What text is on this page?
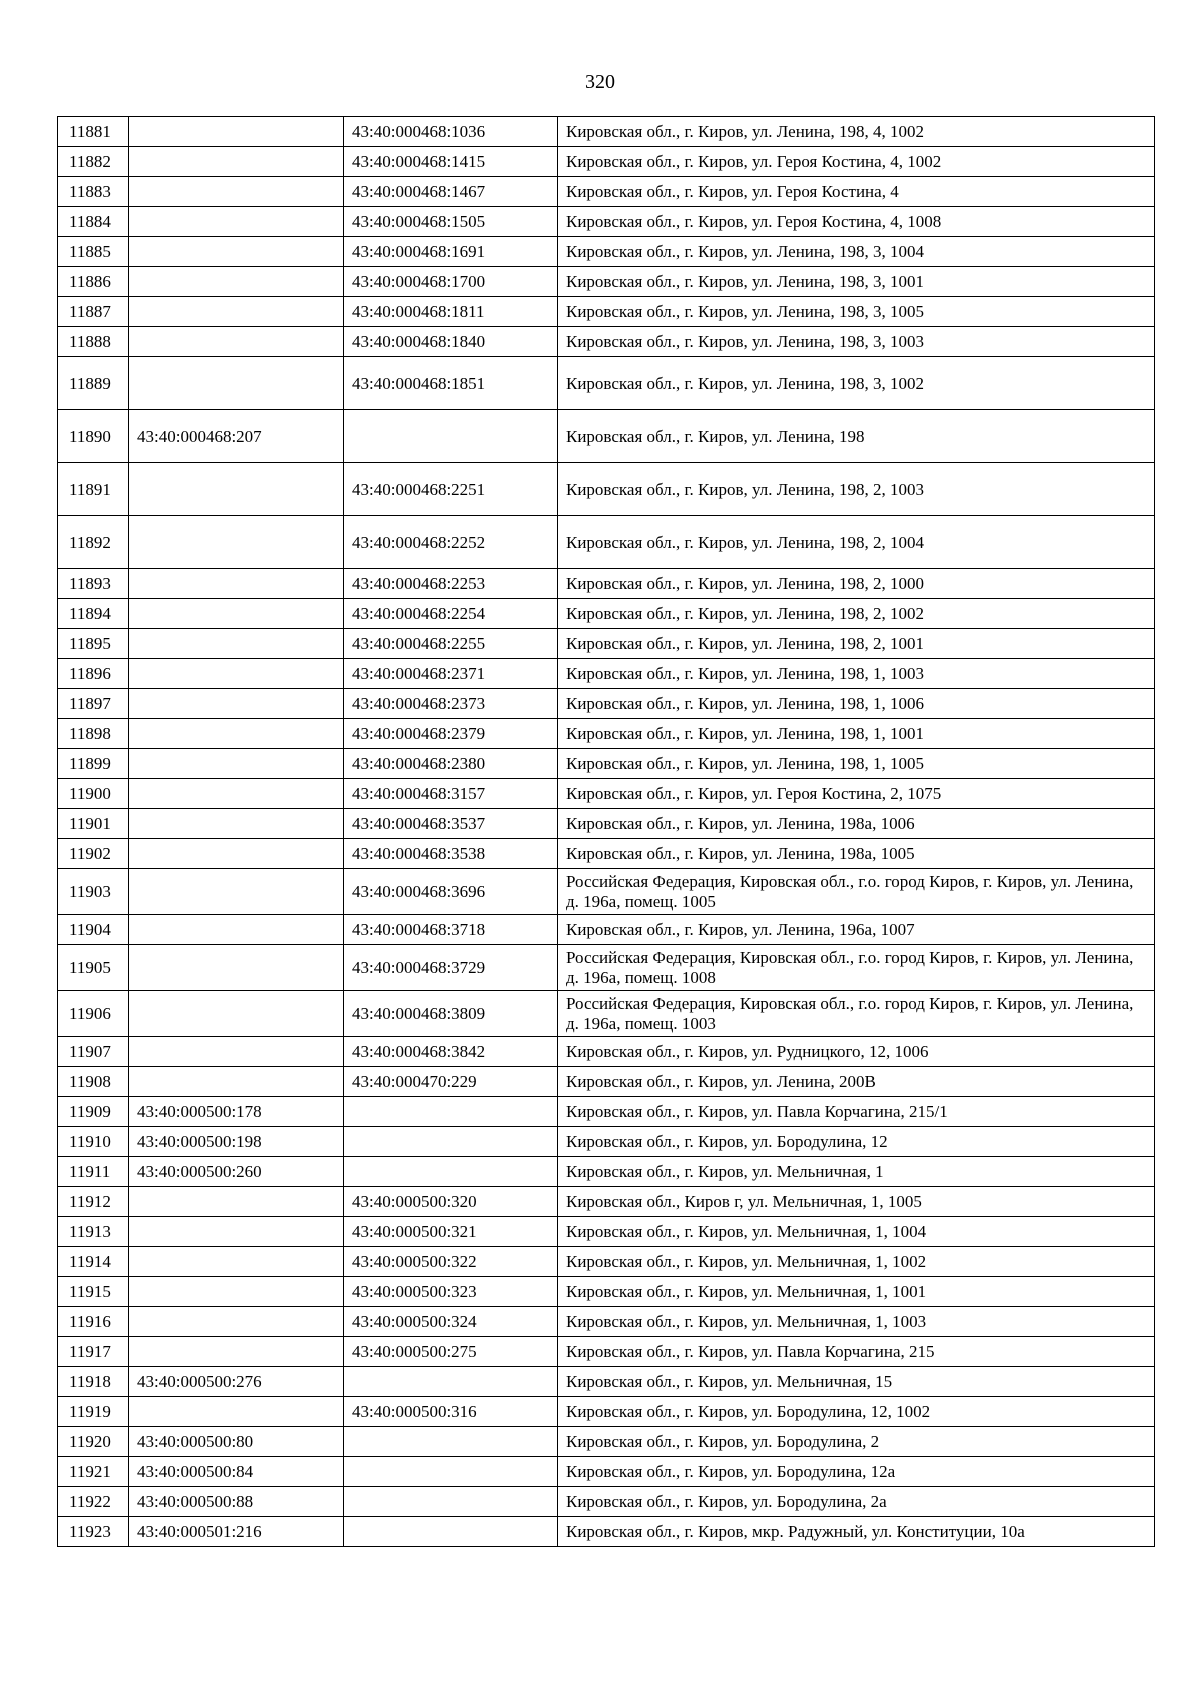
320
11881		43:40:000468:1036	Кировская обл., г. Киров, ул. Ленина, 198, 4, 1002
11882		43:40:000468:1415	Кировская обл., г. Киров, ул. Героя Костина, 4, 1002
11883		43:40:000468:1467	Кировская обл., г. Киров, ул. Героя Костина, 4
11884		43:40:000468:1505	Кировская обл., г. Киров, ул. Героя Костина, 4, 1008
11885		43:40:000468:1691	Кировская обл., г. Киров, ул. Ленина, 198, 3, 1004
11886		43:40:000468:1700	Кировская обл., г. Киров, ул. Ленина, 198, 3, 1001
11887		43:40:000468:1811	Кировская обл., г. Киров, ул. Ленина, 198, 3, 1005
11888		43:40:000468:1840	Кировская обл., г. Киров, ул. Ленина, 198, 3, 1003
11889		43:40:000468:1851	Кировская обл., г. Киров, ул. Ленина, 198, 3, 1002
11890	43:40:000468:207		Кировская обл., г. Киров, ул. Ленина, 198
11891		43:40:000468:2251	Кировская обл., г. Киров, ул. Ленина, 198, 2, 1003
11892		43:40:000468:2252	Кировская обл., г. Киров, ул. Ленина, 198, 2, 1004
11893		43:40:000468:2253	Кировская обл., г. Киров, ул. Ленина, 198, 2, 1000
11894		43:40:000468:2254	Кировская обл., г. Киров, ул. Ленина, 198, 2, 1002
11895		43:40:000468:2255	Кировская обл., г. Киров, ул. Ленина, 198, 2, 1001
11896		43:40:000468:2371	Кировская обл., г. Киров, ул. Ленина, 198, 1, 1003
11897		43:40:000468:2373	Кировская обл., г. Киров, ул. Ленина, 198, 1, 1006
11898		43:40:000468:2379	Кировская обл., г. Киров, ул. Ленина, 198, 1, 1001
11899		43:40:000468:2380	Кировская обл., г. Киров, ул. Ленина, 198, 1, 1005
11900		43:40:000468:3157	Кировская обл., г. Киров, ул. Героя Костина, 2, 1075
11901		43:40:000468:3537	Кировская обл., г. Киров, ул. Ленина, 198а, 1006
11902		43:40:000468:3538	Кировская обл., г. Киров, ул. Ленина, 198а, 1005
11903		43:40:000468:3696	Российская Федерация, Кировская обл., г.о. город Киров, г. Киров, ул. Ленина, д. 196а, помещ. 1005
11904		43:40:000468:3718	Кировская обл., г. Киров, ул. Ленина, 196а, 1007
11905		43:40:000468:3729	Российская Федерация, Кировская обл., г.о. город Киров, г. Киров, ул. Ленина, д. 196а, помещ. 1008
11906		43:40:000468:3809	Российская Федерация, Кировская обл., г.о. город Киров, г. Киров, ул. Ленина, д. 196а, помещ. 1003
11907		43:40:000468:3842	Кировская обл., г. Киров, ул. Рудницкого, 12, 1006
11908		43:40:000470:229	Кировская обл., г. Киров, ул. Ленина, 200В
11909	43:40:000500:178		Кировская обл., г. Киров, ул. Павла Корчагина, 215/1
11910	43:40:000500:198		Кировская обл., г. Киров, ул. Бородулина, 12
11911	43:40:000500:260		Кировская обл., г. Киров, ул. Мельничная, 1
11912		43:40:000500:320	Кировская обл., Киров г, ул. Мельничная, 1, 1005
11913		43:40:000500:321	Кировская обл., г. Киров, ул. Мельничная, 1, 1004
11914		43:40:000500:322	Кировская обл., г. Киров, ул. Мельничная, 1, 1002
11915		43:40:000500:323	Кировская обл., г. Киров, ул. Мельничная, 1, 1001
11916		43:40:000500:324	Кировская обл., г. Киров, ул. Мельничная, 1, 1003
11917		43:40:000500:275	Кировская обл., г. Киров, ул. Павла Корчагина, 215
11918	43:40:000500:276		Кировская обл., г. Киров, ул. Мельничная, 15
11919		43:40:000500:316	Кировская обл., г. Киров, ул. Бородулина, 12, 1002
11920	43:40:000500:80		Кировская обл., г. Киров, ул. Бородулина, 2
11921	43:40:000500:84		Кировская обл., г. Киров, ул. Бородулина, 12а
11922	43:40:000500:88		Кировская обл., г. Киров, ул. Бородулина, 2а
11923	43:40:000501:216		Кировская обл., г. Киров, мкр. Радужный, ул. Конституции, 10а
